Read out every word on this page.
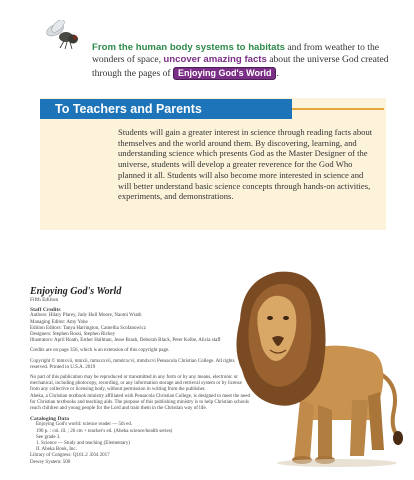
From the human body systems to habitats and from weather to the wonders of space, uncover amazing facts about the universe God created through the pages of Enjoying God's World .
To Teachers and Parents
Students will gain a greater interest in science through reading facts about themselves and the world around them. By discovering, learning, and understanding science which presents God as the Master Designer of the universe, students will develop a greater reverence for the God Who planned it all. Students will also become more interested in science and will better understand basic science concepts through hands-on activities, experiments, and demonstrations.
Enjoying God's World
Fifth Edition
Staff Credits
Authors: Hilary Plarey, Judy Hull Moore, Naomi Wrath
Managing Editor: Amy Yohe
Edition Editors: Tanya Harrington, Camellia Scofanowicz
Designers: Stephen Rossi, Stephen Richey
Illustrators: April Roath, Esther Hallman, Jesse Brash, Deborah Black, Peter Kolbe, Alicia staff
Credits are on page 356, which is an extension of this copyright page.
Copyright © mmxvii, mmxii, mmxxxvii, mmdcxcvi, mmdxcvi Pensacola Christian College. All rights reserved. Printed in U.S.A. 2019
No part of this publication may be reproduced or transmitted in any form or by any means, electronic or mechanical, including photocopy, recording, or any information storage and retrieval system or by license from any collective or licensing body, without permission in writing from the publisher.
Abeka, a Christian textbook ministry affiliated with Pensacola Christian College, is designed to meet the need for Christian textbooks and teaching aids. The purpose of this publishing ministry is to help Christian schools reach children and young people for the Lord and train them in the Christian way of life.
Cataloging Data
Enjoying God's world: science reader — 5th ed.
190 p. : col. ill. ; 26 cm + teacher's ed. (Abeka science/health series)
See grade 3.
1. Science — Study and teaching (Elementary)
II. Abeka Book, Inc.
Library of Congress: Q161.2 .E64 2017
Dewey System: 500
